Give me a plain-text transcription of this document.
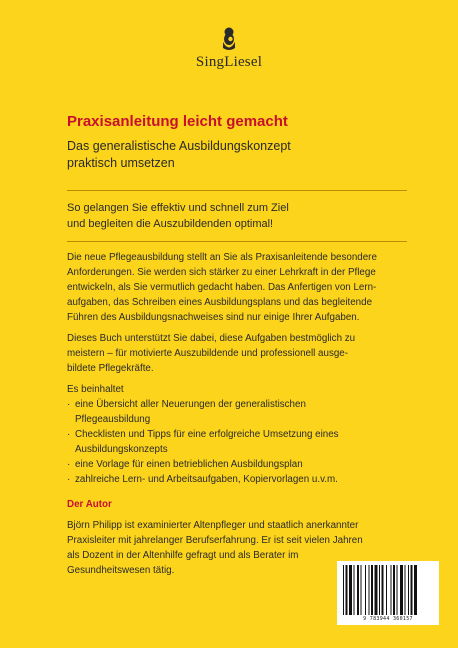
SingLiesel
Praxisanleitung leicht gemacht
Das generalistische Ausbildungskonzept
praktisch umsetzen
So gelangen Sie effektiv und schnell zum Ziel
und begleiten die Auszubildenden optimal!

Die neue Pflegeausbildung stellt an Sie als Praxisanleitende besondere
Anforderungen. Sie werden sich stärker zu einer Lehrkraft in der Pflege
entwickeln, als Sie vermutlich gedacht haben. Das Anfertigen von Lern-
aufgaben, das Schreiben eines Ausbildungsplans und das begleitende
Führen des Ausbildungsnachweises sind nur einige Ihrer Aufgaben.

Dieses Buch unterstützt Sie dabei, diese Aufgaben bestmöglich zu
meistern – für motivierte Auszubildende und professionell ausge-
bildete Pflegekräfte.

Es beinhaltet

· eine Übersicht aller Neuerungen der generalistischen
Pflegeausbildung
· Checklisten und Tipps für eine erfolgreiche Umsetzung eines
Ausbildungskonzepts
· eine Vorlage für einen betrieblichen Ausbildungsplan
· zahlreiche Lern- und Arbeitsaufgaben, Kopiervorlagen u.v.m.

Der Autor

Björn Philipp ist examinierter Altenpfleger und staatlich anerkannter
Praxisleiter mit jahrelanger Berufserfahrung. Er ist seit vielen Jahren
als Dozent in der Altenhilfe gefragt und als Berater im
Gesundheitswesen tätig.

9 783944 360157
